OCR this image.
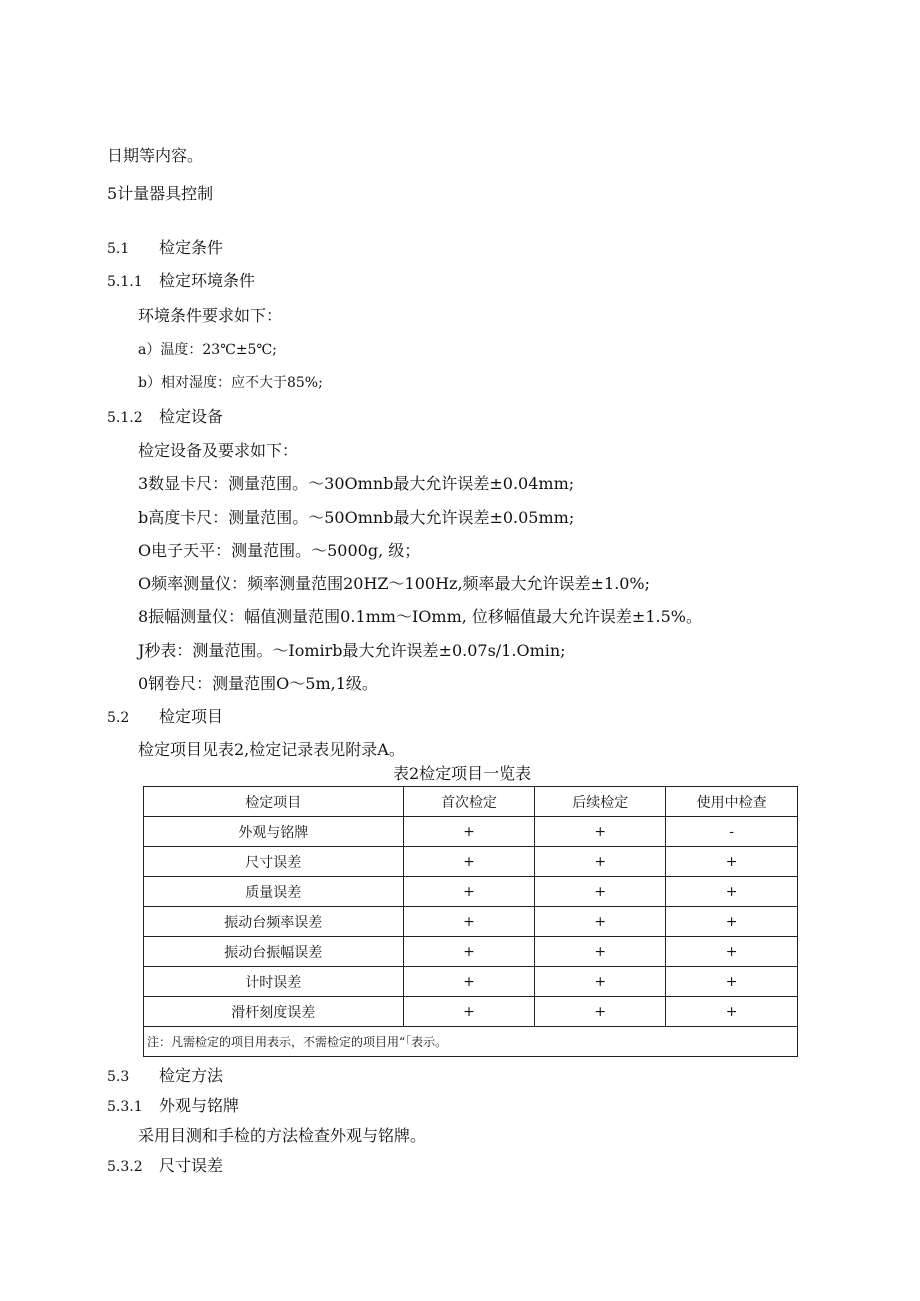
日期等内容。
5计量器具控制
5.1 检定条件
5.1.1 检定环境条件
环境条件要求如下：
a）温度：23℃±5℃;
b）相对湿度：应不大于85%;
5.1.2 检定设备
检定设备及要求如下：
3数显卡尺：测量范围。～30Omnb最大允许误差±0.04mm;
b高度卡尺：测量范围。～50Omnb最大允许误差±0.05mm;
O电子天平：测量范围。～5000g, 级；
O频率测量仪：频率测量范围20HZ～100Hz,频率最大允许误差±1.0%;
8振幅测量仪：幅值测量范围0.1mm～IOmm, 位移幅值最大允许误差±1.5%。
J秒表：测量范围。～Iomirb最大允许误差±0.07s/1.Omin;
0钢卷尺：测量范围O～5m,1级。
5.2 检定项目
检定项目见表2,检定记录表见附录A。
表2检定项目一览表
检定项目	首次检定	后续检定	使用中检查
外观与铭牌	+	+	-
尺寸误差	+	+	+
质量误差	+	+	+
振动台频率误差	+	+	+
振动台振幅误差	+	+	+
计时误差	+	+	+
滑杆刻度误差	+	+	+
注：凡需检定的项目用表示，不需检定的项目用“「表示。			
5.3 检定方法
5.3.1 外观与铭牌
采用目测和手检的方法检查外观与铭牌。
5.3.2 尺寸误差
